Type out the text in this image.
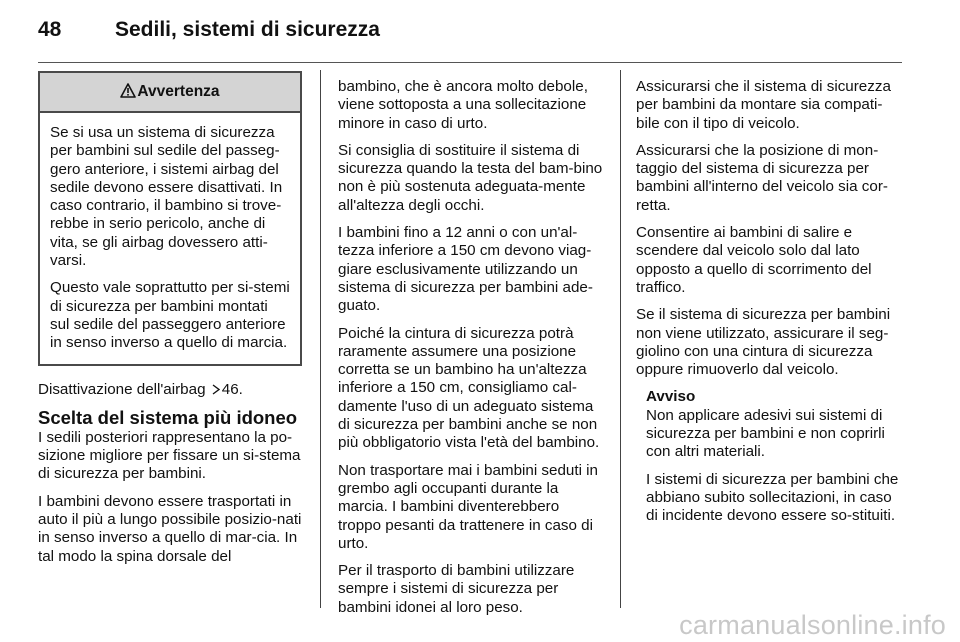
48	Sedili, sistemi di sicurezza
Avvertenza

Se si usa un sistema di sicurezza per bambini sul sedile del passeg-gero anteriore, i sistemi airbag del sedile devono essere disattivati. In caso contrario, il bambino si trove-rebbe in serio pericolo, anche di vita, se gli airbag dovessero atti-varsi.

Questo vale soprattutto per si-stemi di sicurezza per bambini montati sul sedile del passeggero anteriore in senso inverso a quello di marcia.

Disattivazione dell'airbag 46.

Scelta del sistema più idoneo

I sedili posteriori rappresentano la po-sizione migliore per fissare un si-stema di sicurezza per bambini.

I bambini devono essere trasportati in auto il più a lungo possibile posizio-nati in senso inverso a quello di mar-cia. In tal modo la spina dorsale del

bambino, che è ancora molto debole, viene sottoposta a una sollecitazione minore in caso di urto.

Si consiglia di sostituire il sistema di sicurezza quando la testa del bam-bino non è più sostenuta adeguata-mente all'altezza degli occhi.

I bambini fino a 12 anni o con un'al-tezza inferiore a 150 cm devono viag-giare esclusivamente utilizzando un sistema di sicurezza per bambini ade-guato.

Poiché la cintura di sicurezza potrà raramente assumere una posizione corretta se un bambino ha un'altezza inferiore a 150 cm, consigliamo cal-damente l'uso di un adeguato sistema di sicurezza per bambini anche se non più obbligatorio vista l'età del bambino.

Non trasportare mai i bambini seduti in grembo agli occupanti durante la marcia. I bambini diventerebbero troppo pesanti da trattenere in caso di urto.

Per il trasporto di bambini utilizzare sempre i sistemi di sicurezza per bambini idonei al loro peso.

Assicurarsi che il sistema di sicurezza per bambini da montare sia compati-bile con il tipo di veicolo.

Assicurarsi che la posizione di mon-taggio del sistema di sicurezza per bambini all'interno del veicolo sia cor-retta.

Consentire ai bambini di salire e scendere dal veicolo solo dal lato opposto a quello di scorrimento del traffico.

Se il sistema di sicurezza per bambini non viene utilizzato, assicurare il seg-giolino con una cintura di sicurezza oppure rimuoverlo dal veicolo.

Avviso

Non applicare adesivi sui sistemi di sicurezza per bambini e non coprirli con altri materiali.

I sistemi di sicurezza per bambini che abbiano subito sollecitazioni, in caso di incidente devono essere so-stituiti.

carmanualsonline.info
